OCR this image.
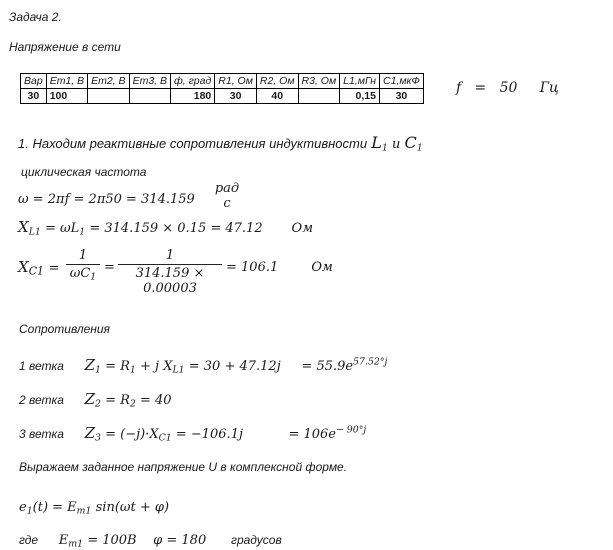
Задача 2.
Напряжение в сети
Вар	Em1, В	Em2, В	Em3, В	ф, град	R1, Ом	R2, Ом	R3, Ом	L1,мГн	C1,мкФ
30	100			180	30	40		0,15	30	f = 50 Гц
1. Находим реактивные сопротивления индуктивности $L_1$ и $C_1$
циклическая частота
ω = 2πf = 2π50 = 314.159
рад
с
$X_{L1} = \omega L_1 = 314.159 \times 0.15 = 47.12$ Ом
$X_{C1}$ =
1
$\omega C_1$
=
1
314.159 × 0.00003
= 106.1	Ом
Сопротивления
1 ветка $Z_1 = R_1 + j$ $X_{L1} = 30 + 47.12j = 55.9e^{57.52^\circ j}$
2 ветка $Z_2 = R_2 = 40$
3 ветка $Z_3 = (-j)\cdot X_{C1} = -106.1j$	= $106e^{- 90^\circ j}$
Выражаем заданное напряжение U в комплексной форме.
$e_1(t) = E_{m1}$ sin(ωt + φ)
где $E_{m1} = 100B$ φ = 180 градусов
